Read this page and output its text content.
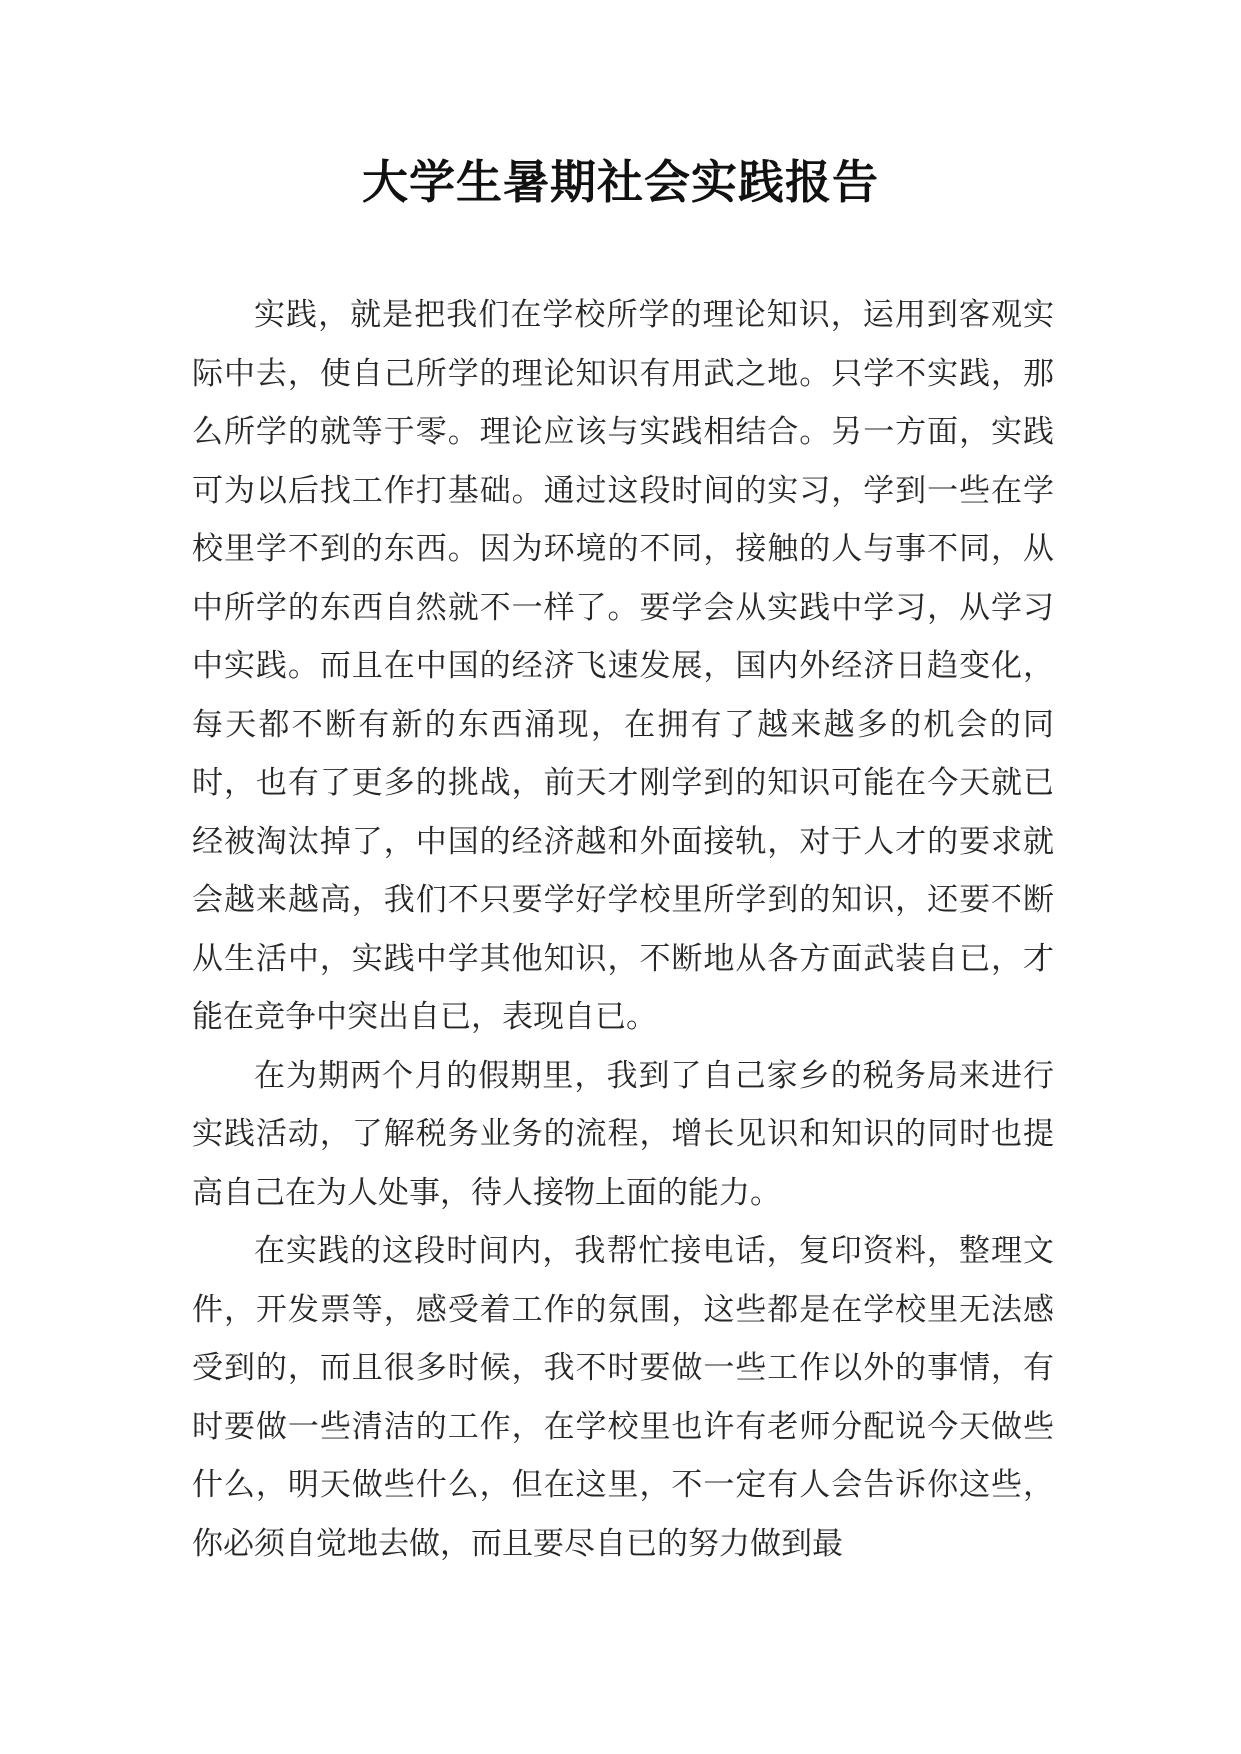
大学生暑期社会实践报告

实践，就是把我们在学校所学的理论知识，运用到客观实际中去，使自己所学的理论知识有用武之地。只学不实践，那么所学的就等于零。理论应该与实践相结合。另一方面，实践可为以后找工作打基础。通过这段时间的实习，学到一些在学校里学不到的东西。因为环境的不同，接触的人与事不同，从中所学的东西自然就不一样了。要学会从实践中学习，从学习中实践。而且在中国的经济飞速发展，国内外经济日趋变化，每天都不断有新的东西涌现，在拥有了越来越多的机会的同时，也有了更多的挑战，前天才刚学到的知识可能在今天就已经被淘汰掉了，中国的经济越和外面接轨，对于人才的要求就会越来越高，我们不只要学好学校里所学到的知识，还要不断从生活中，实践中学其他知识，不断地从各方面武装自已，才能在竞争中突出自已，表现自已。

在为期两个月的假期里，我到了自己家乡的税务局来进行实践活动，了解税务业务的流程，增长见识和知识的同时也提高自己在为人处事，待人接物上面的能力。

在实践的这段时间内，我帮忙接电话，复印资料，整理文件，开发票等，感受着工作的氛围，这些都是在学校里无法感受到的，而且很多时候，我不时要做一些工作以外的事情，有时要做一些清洁的工作，在学校里也许有老师分配说今天做些什么，明天做些什么，但在这里，不一定有人会告诉你这些，你必须自觉地去做，而且要尽自已的努力做到最
